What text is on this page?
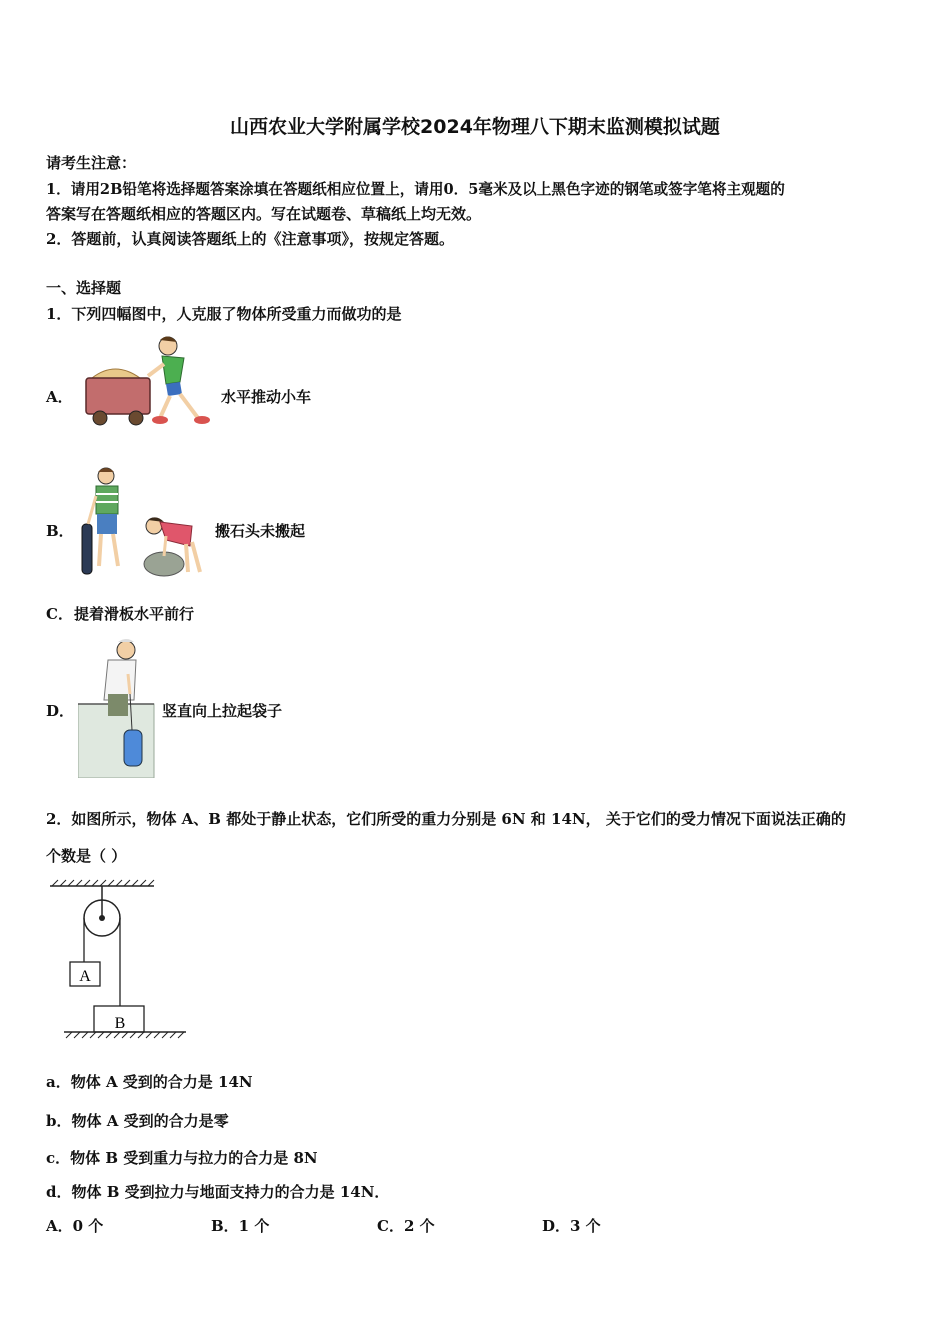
山西农业大学附属学校2024年物理八下期末监测模拟试题
请考生注意：
1．请用2B铅笔将选择题答案涂填在答题纸相应位置上，请用0．5毫米及以上黑色字迹的钢笔或签字笔将主观题的
答案写在答题纸相应的答题区内。写在试题卷、草稿纸上均无效。
2．答题前，认真阅读答题纸上的《注意事项》，按规定答题。
一、选择题
1．下列四幅图中，人克服了物体所受重力而做功的是
A．	水平推动小车
B．	搬石头未搬起
C． 提着滑板水平前行
D．	竖直向上拉起袋子
2．如图所示，物体 A、B 都处于静止状态，它们所受的重力分别是 6N 和 14N， 关于它们的受力情况下面说法正确的
个数是（ ）
A
B
a．物体 A 受到的合力是 14N
b．物体 A 受到的合力是零
c．物体 B 受到重力与拉力的合力是 8N
d．物体 B 受到拉力与地面支持力的合力是 14N．
A．0 个	B．1 个	C．2 个	D．3 个
